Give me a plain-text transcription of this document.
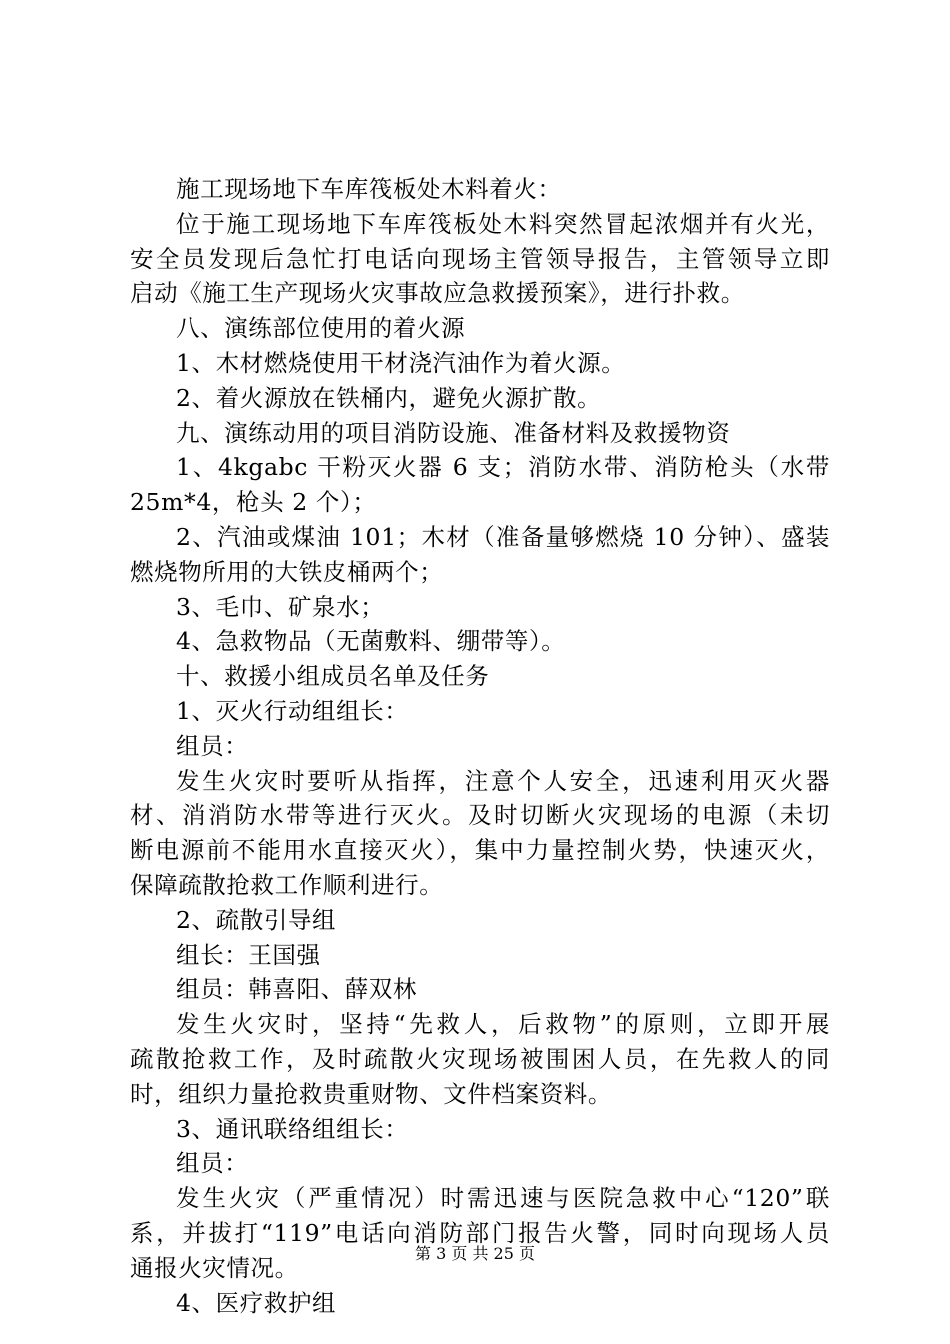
施工现场地下车库筏板处木料着火：
位于施工现场地下车库筏板处木料突然冒起浓烟并有火光，
安全员发现后急忙打电话向现场主管领导报告，主管领导立即
启动《施工生产现场火灾事故应急救援预案》，进行扑救。
八、演练部位使用的着火源
1、木材燃烧使用干材浇汽油作为着火源。
2、着火源放在铁桶内，避免火源扩散。
九、演练动用的项目消防设施、准备材料及救援物资
1、4kgabc 干粉灭火器 6 支；消防水带、消防枪头（水带
25m*4，枪头 2 个）；
2、汽油或煤油 101；木材（准备量够燃烧 10 分钟）、盛装
燃烧物所用的大铁皮桶两个；
3、毛巾、矿泉水；
4、急救物品（无菌敷料、绷带等）。
十、救援小组成员名单及任务
1、灭火行动组组长：
组员：
发生火灾时要听从指挥，注意个人安全，迅速利用灭火器
材、消消防水带等进行灭火。及时切断火灾现场的电源（未切
断电源前不能用水直接灭火），集中力量控制火势，快速灭火，
保障疏散抢救工作顺利进行。
2、疏散引导组
组长：王国强
组员：韩喜阳、薛双林
发生火灾时，坚持“先救人，后救物”的原则，立即开展
疏散抢救工作，及时疏散火灾现场被围困人员，在先救人的同
时，组织力量抢救贵重财物、文件档案资料。
3、通讯联络组组长：
组员：
发生火灾（严重情况）时需迅速与医院急救中心“120”联
系，并拔打“119”电话向消防部门报告火警，同时向现场人员
通报火灾情况。
4、医疗救护组
第 3 页 共 25 页
